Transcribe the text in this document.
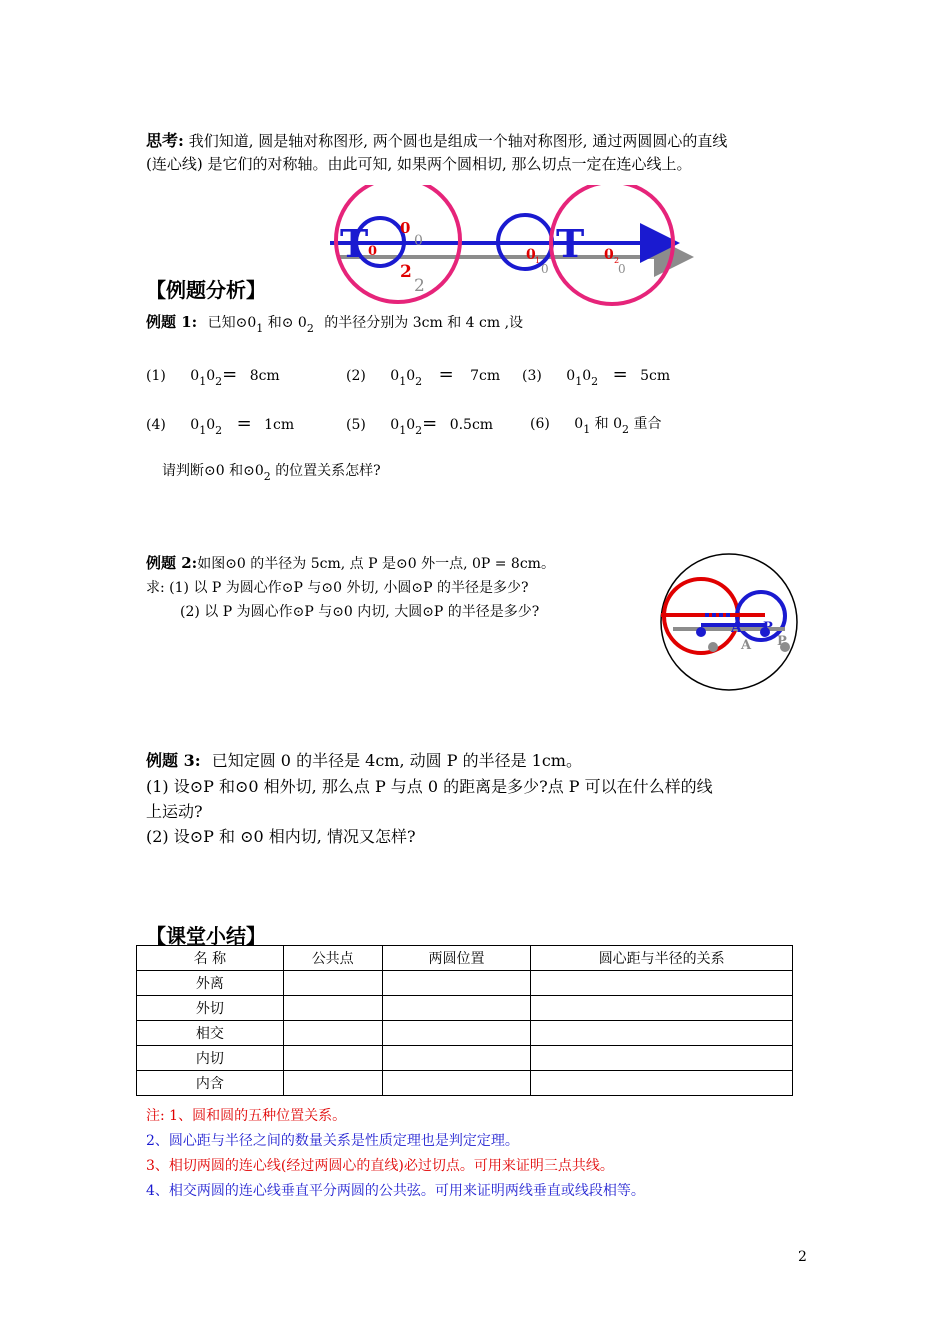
思考: 我们知道, 圆是轴对称图形, 两个圆也是组成一个轴对称图形, 通过两圆圆心的直线
(连心线) 是它们的对称轴。由此可知, 如果两个圆相切, 那么切点一定在连心线上。
T	T
0
0
0
2
2
0
0
0
0
1	2
【例题分析】
例题 1: 已知$⊙0_1$ 和⊙ $0_2$ 的半径分别为 3cm 和 4 cm ,设
(1) $0_10_2= 8cm$	(2) $0_10_2 = 7cm$ (3) $0_10_2 = 5cm$
(4) $0_10_2 = 1cm$	(5) $0_10_2= 0.5cm$	(6) $0_1$ 和 $0_2$ 重合
请判断⊙0 和$⊙0_2$ 的位置关系怎样?
例题 2:如图⊙0 的半径为 5cm, 点 P 是⊙0 外一点, 0P = 8cm。
求: (1) 以 P 为圆心作⊙P 与⊙0 外切, 小圆⊙P 的半径是多少?
(2) 以 P 为圆心作⊙P 与⊙0 内切, 大圆⊙P 的半径是多少?
A P
A P
例题 3: 已知定圆 0 的半径是 4cm, 动圆 P 的半径是 1cm。
(1) 设⊙P 和⊙0 相外切, 那么点 P 与点 0 的距离是多少?点 P 可以在什么样的线
上运动?
(2) 设⊙P 和 ⊙0 相内切, 情况又怎样?
【课堂小结】
名 称	公共点	两圆位置	圆心距与半径的关系
外离			
外切			
相交			
内切			
内含			
注: 1、圆和圆的五种位置关系。
2、圆心距与半径之间的数量关系是性质定理也是判定定理。
3、相切两圆的连心线(经过两圆心的直线)必过切点。可用来证明三点共线。
4、相交两圆的连心线垂直平分两圆的公共弦。可用来证明两线垂直或线段相等。
2
